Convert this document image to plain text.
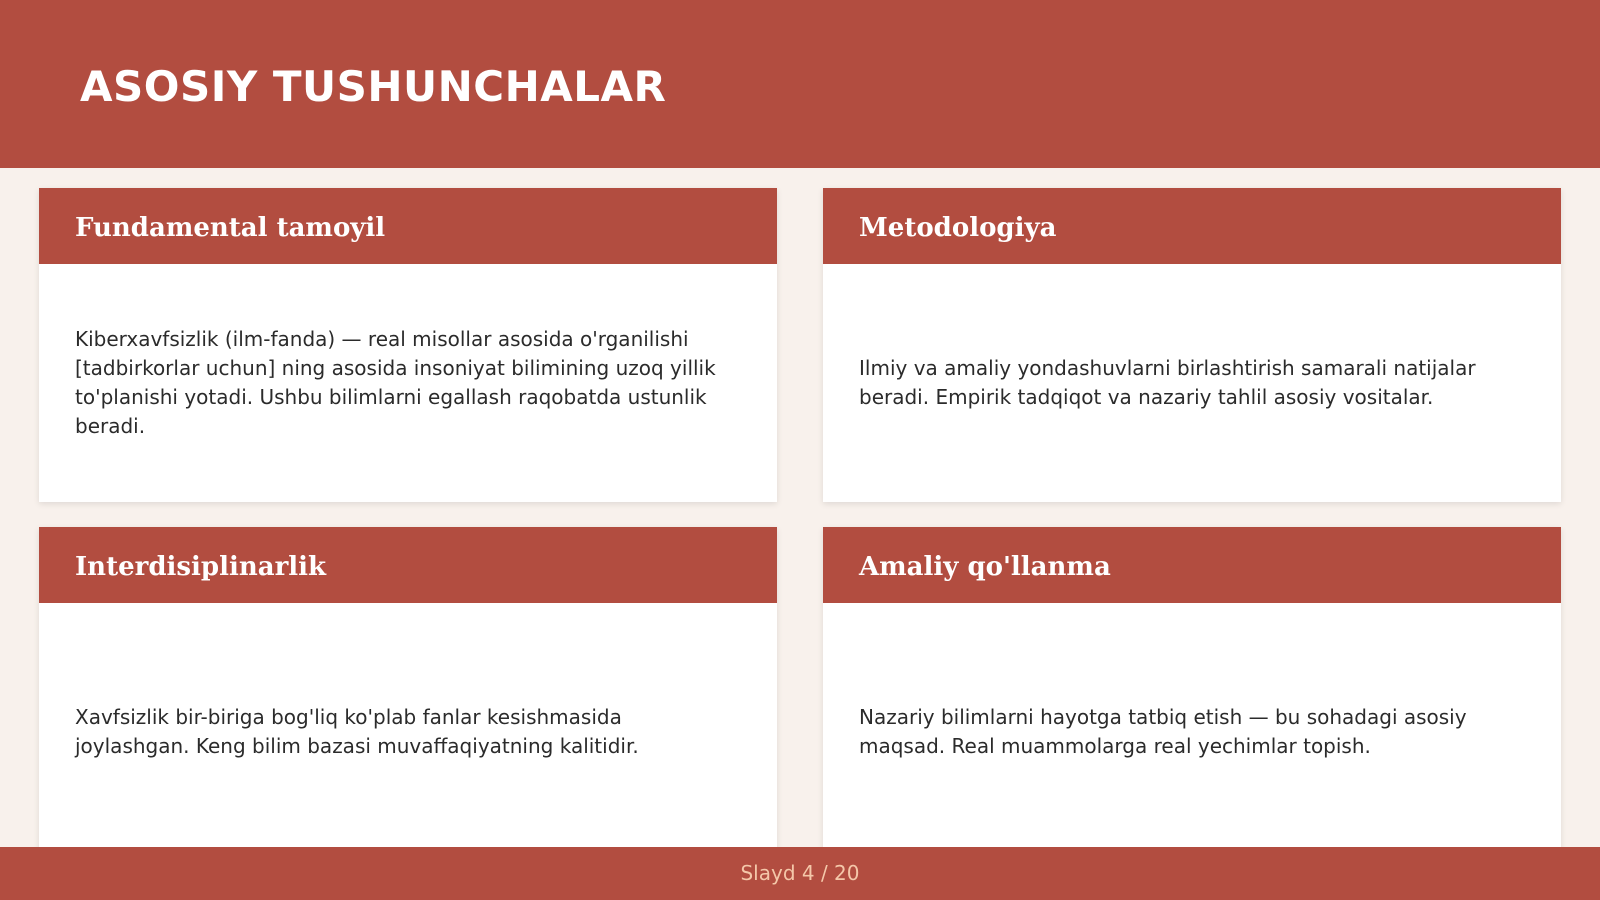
ASOSIY TUSHUNCHALAR
Fundamental tamoyil
Kiberxavfsizlik (ilm-fanda) — real misollar asosida o'rganilishi [tadbirkorlar uchun] ning asosida insoniyat bilimining uzoq yillik to'planishi yotadi. Ushbu bilimlarni egallash raqobatda ustunlik beradi.
Metodologiya
Ilmiy va amaliy yondashuvlarni birlashtirish samarali natijalar beradi. Empirik tadqiqot va nazariy tahlil asosiy vositalar.
Interdisiplinarlik
Xavfsizlik bir-biriga bog'liq ko'plab fanlar kesishmasida joylashgan. Keng bilim bazasi muvaffaqiyatning kalitidir.
Amaliy qo'llanma
Nazariy bilimlarni hayotga tatbiq etish — bu sohadagi asosiy maqsad. Real muammolarga real yechimlar topish.
Slayd 4 / 20
